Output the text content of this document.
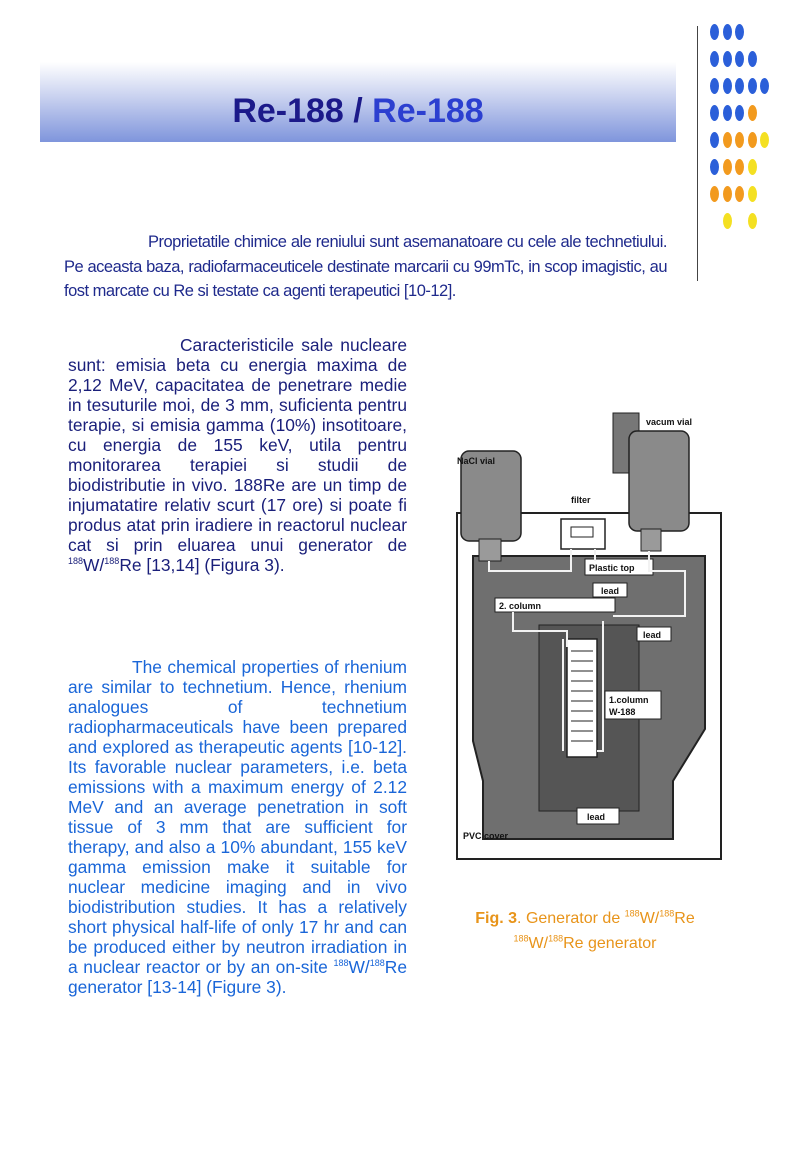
Re-188 / Re-188
Proprietatile chimice ale reniului sunt asemanatoare cu cele ale technetiului. Pe aceasta baza, radiofarmaceuticele destinate marcarii cu 99mTc, in scop imagistic, au fost marcate cu Re si testate ca agenti terapeutici [10-12].
Caracteristicile sale nucleare sunt: emisia beta cu energia maxima de 2,12 MeV, capacitatea de penetrare medie in tesuturile moi, de 3 mm, suficienta pentru terapie, si emisia gamma (10%) insotitoare, cu energia de 155 keV, utila pentru monitorarea terapiei si studii de biodistributie in vivo. 188Re are un timp de injumatatire relativ scurt (17 ore) si poate fi produs atat prin iradiere in reactorul nuclear cat si prin eluarea unui generator de $^{188}$W/$^{188}$Re [13,14] (Figura 3).
The chemical properties of rhenium are similar to technetium. Hence, rhenium analogues of technetium radiopharmaceuticals have been prepared and explored as therapeutic agents [10-12]. Its favorable nuclear parameters, i.e. beta emissions with a maximum energy of 2.12 MeV and an average penetration in soft tissue of 3 mm that are sufficient for therapy, and also a 10% abundant, 155 keV gamma emission make it suitable for nuclear medicine imaging and in vivo biodistribution studies. It has a relatively short physical half-life of only 17 hr and can be produced either by neutron irradiation in a nuclear reactor or by an on-site $^{188}$W/$^{188}$Re generator [13-14] (Figure 3).
vacum vial
NaCl vial
filter
Plastic top
lead
2. column
lead
1.column
W-188
lead
PVC cover
Fig. 3. Generator de $^{188}$W/$^{188}$Re
$^{188}$W/$^{188}$Re generator
